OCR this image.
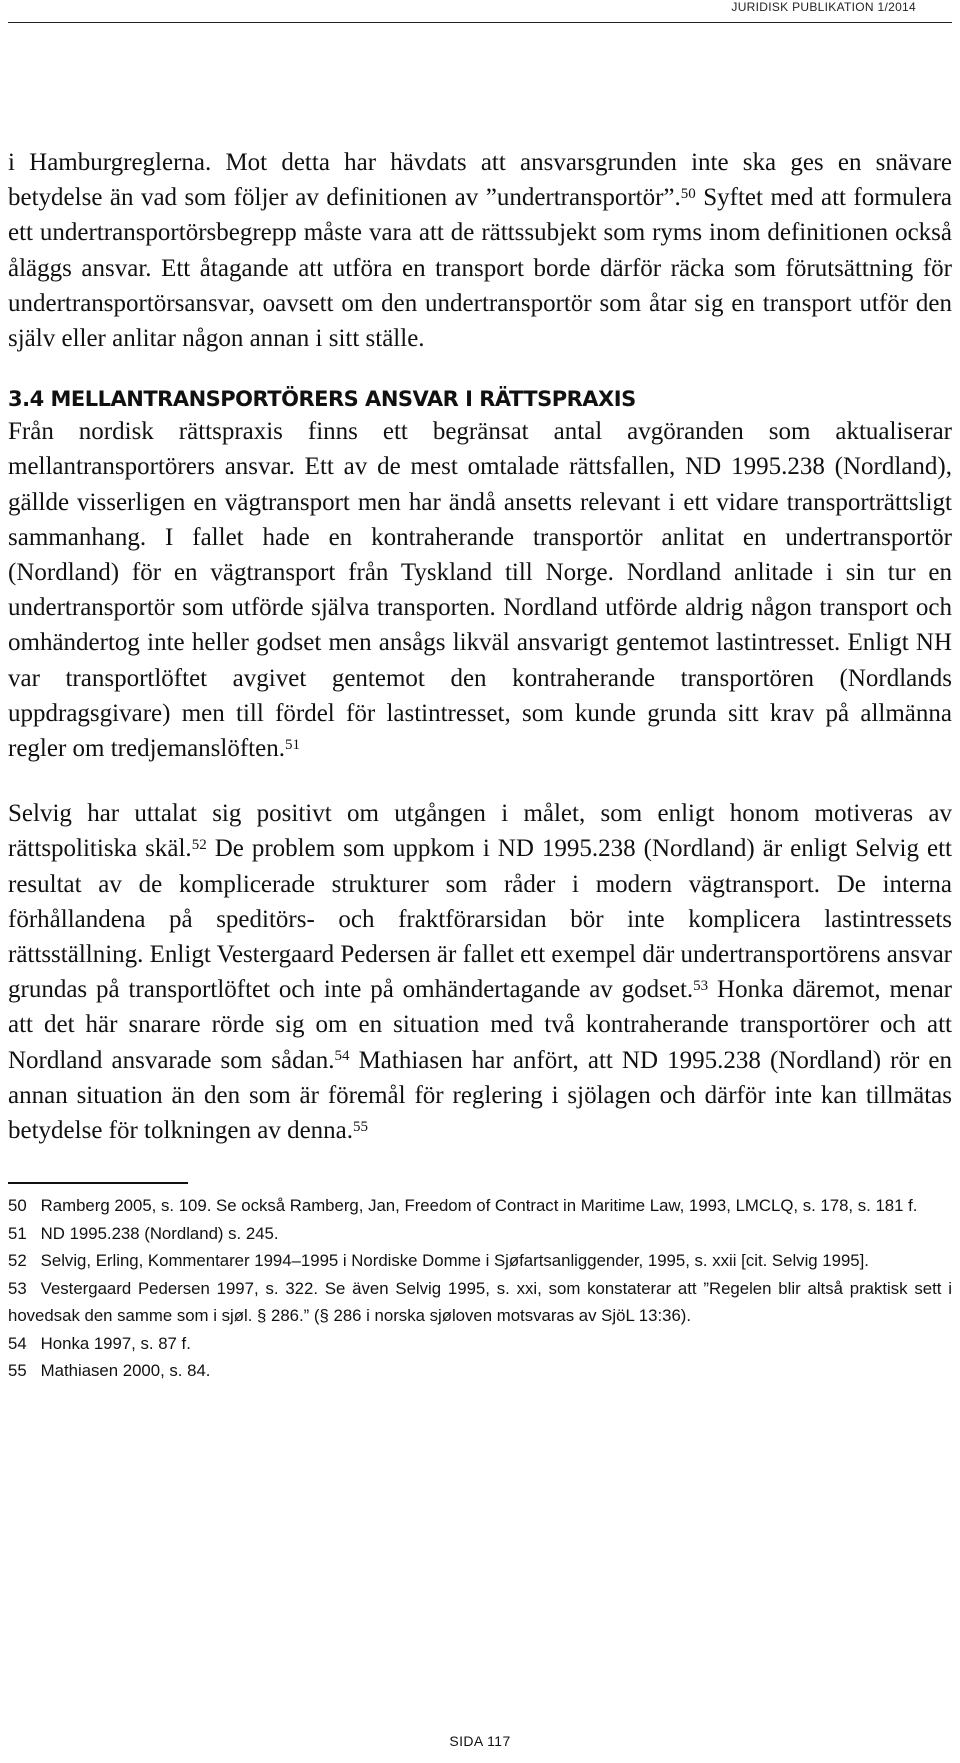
JURIDISK PUBLIKATION 1/2014

i Hamburgreglerna. Mot detta har hävdats att ansvarsgrunden inte ska ges en snävare betydelse än vad som följer av definitionen av ”undertransportör”.$^{50}$ Syftet med att formulera ett undertransportörsbegrepp måste vara att de rättssubjekt som ryms inom definitionen också åläggs ansvar. Ett åtagande att utföra en transport borde därför räcka som förutsättning för undertransportörsansvar, oavsett om den undertransportör som åtar sig en transport utför den själv eller anlitar någon annan i sitt ställe.

3.4 MELLANTRANSPORTÖRERS ANSVAR I RÄTTSPRAXIS

Från nordisk rättspraxis finns ett begränsat antal avgöranden som aktualiserar mellantransportörers ansvar. Ett av de mest omtalade rättsfallen, ND 1995.238 (Nordland), gällde visserligen en vägtransport men har ändå ansetts relevant i ett vidare transporträttsligt sammanhang. I fallet hade en kontraherande transportör anlitat en undertransportör (Nordland) för en vägtransport från Tyskland till Norge. Nordland anlitade i sin tur en undertransportör som utförde själva transporten. Nordland utförde aldrig någon transport och omhändertog inte heller godset men ansågs likväl ansvarigt gentemot lastintresset. Enligt NH var transportlöftet avgivet gentemot den kontraherande transportören (Nordlands uppdragsgivare) men till fördel för lastintresset, som kunde grunda sitt krav på allmänna regler om tredjemanslöften.$^{51}$

Selvig har uttalat sig positivt om utgången i målet, som enligt honom motiveras av rättspolitiska skäl.$^{52}$ De problem som uppkom i ND 1995.238 (Nordland) är enligt Selvig ett resultat av de komplicerade strukturer som råder i modern vägtransport. De interna förhållandena på speditörs- och fraktförarsidan bör inte komplicera lastintressets rättsställning. Enligt Vestergaard Pedersen är fallet ett exempel där undertransportörens ansvar grundas på transportlöftet och inte på omhändertagande av godset.$^{53}$ Honka däremot, menar att det här snarare rörde sig om en situation med två kontraherande transportörer och att Nordland ansvarade som sådan.$^{54}$ Mathiasen har anfört, att ND 1995.238 (Nordland) rör en annan situation än den som är föremål för reglering i sjölagen och därför inte kan tillmätas betydelse för tolkningen av denna.$^{55}$

50 Ramberg 2005, s. 109. Se också Ramberg, Jan, Freedom of Contract in Maritime Law, 1993, LMCLQ, s. 178, s. 181 f.

51 ND 1995.238 (Nordland) s. 245.

52 Selvig, Erling, Kommentarer 1994–1995 i Nordiske Domme i Sjøfartsanliggender, 1995, s. xxii [cit. Selvig 1995].

53 Vestergaard Pedersen 1997, s. 322. Se även Selvig 1995, s. xxi, som konstaterar att ”Regelen blir altså praktisk sett i hovedsak den samme som i sjøl. § 286.” (§ 286 i norska sjøloven motsvaras av SjöL 13:36).

54 Honka 1997, s. 87 f.

55 Mathiasen 2000, s. 84.

SIDA 117
